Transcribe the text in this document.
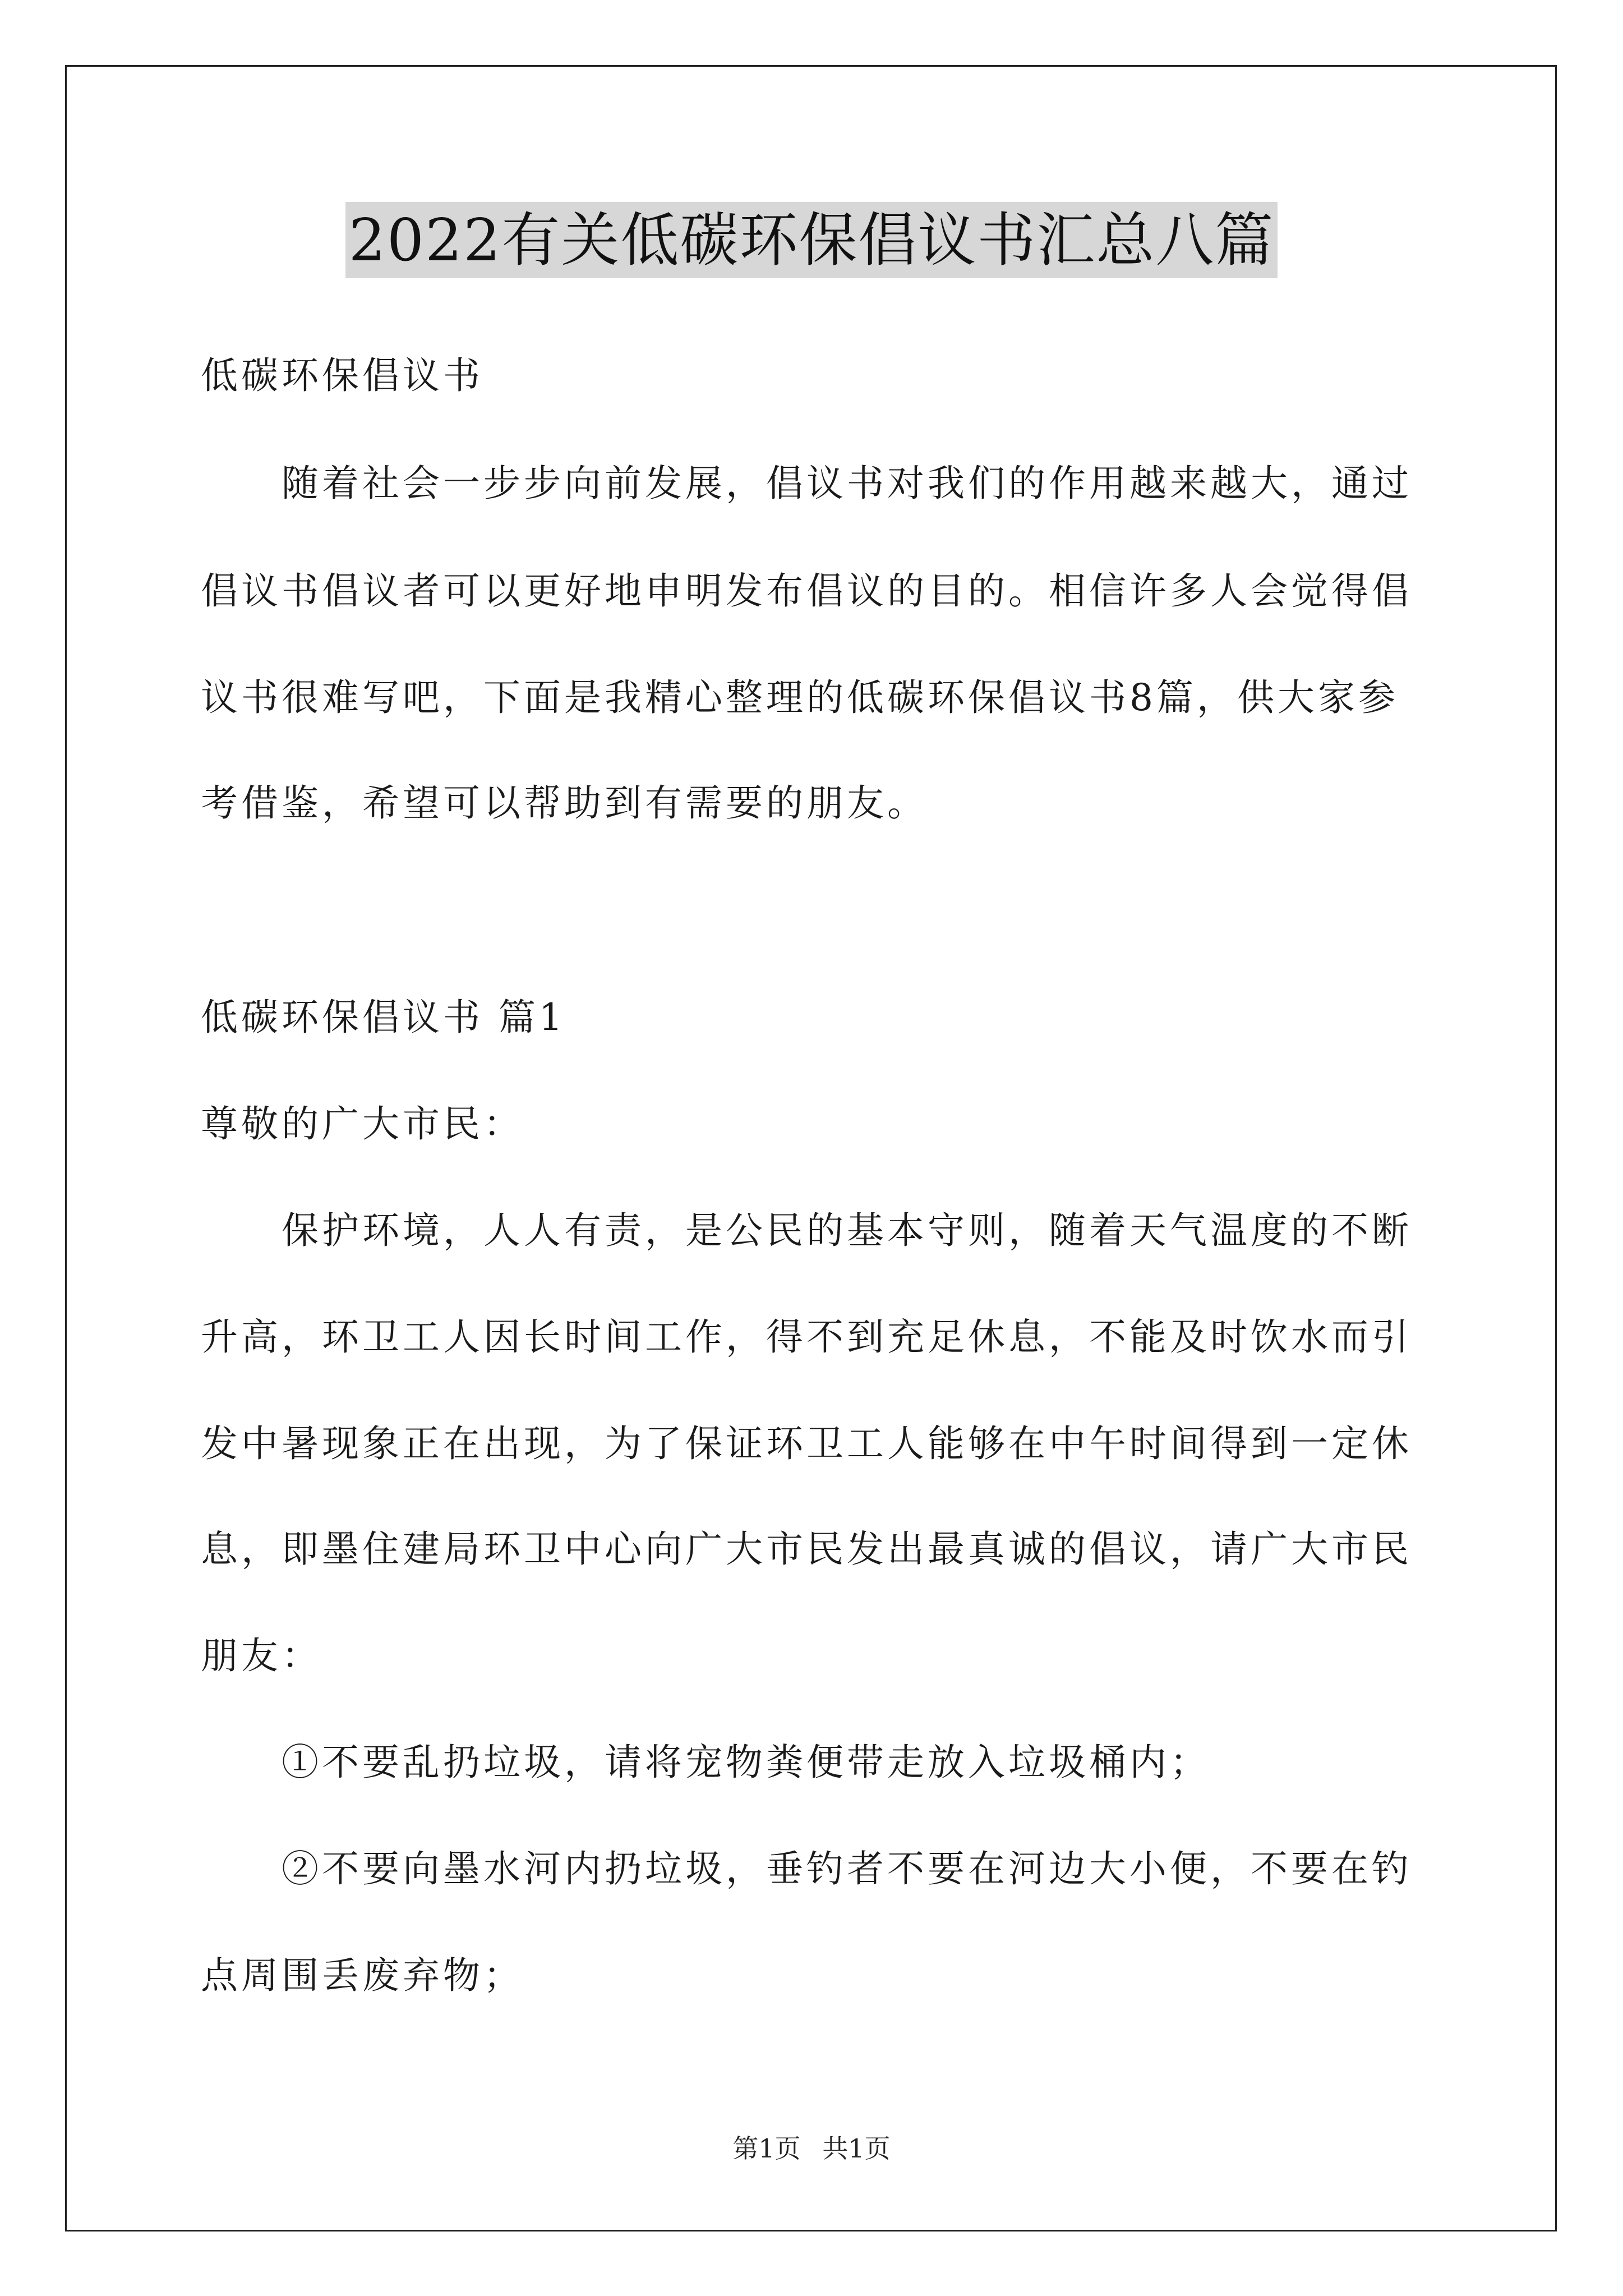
2022有关低碳环保倡议书汇总八篇
低碳环保倡议书
随着社会一步步向前发展，倡议书对我们的作用越来越大，通过
倡议书倡议者可以更好地申明发布倡议的目的。相信许多人会觉得倡
议书很难写吧，下面是我精心整理的低碳环保倡议书8篇，供大家参
考借鉴，希望可以帮助到有需要的朋友。
低碳环保倡议书 篇1
尊敬的广大市民：
保护环境，人人有责，是公民的基本守则，随着天气温度的不断
升高，环卫工人因长时间工作，得不到充足休息，不能及时饮水而引
发中暑现象正在出现，为了保证环卫工人能够在中午时间得到一定休
息，即墨住建局环卫中心向广大市民发出最真诚的倡议，请广大市民
朋友：
①不要乱扔垃圾，请将宠物粪便带走放入垃圾桶内；
②不要向墨水河内扔垃圾，垂钓者不要在河边大小便，不要在钓
点周围丢废弃物；
第1页 共1页
